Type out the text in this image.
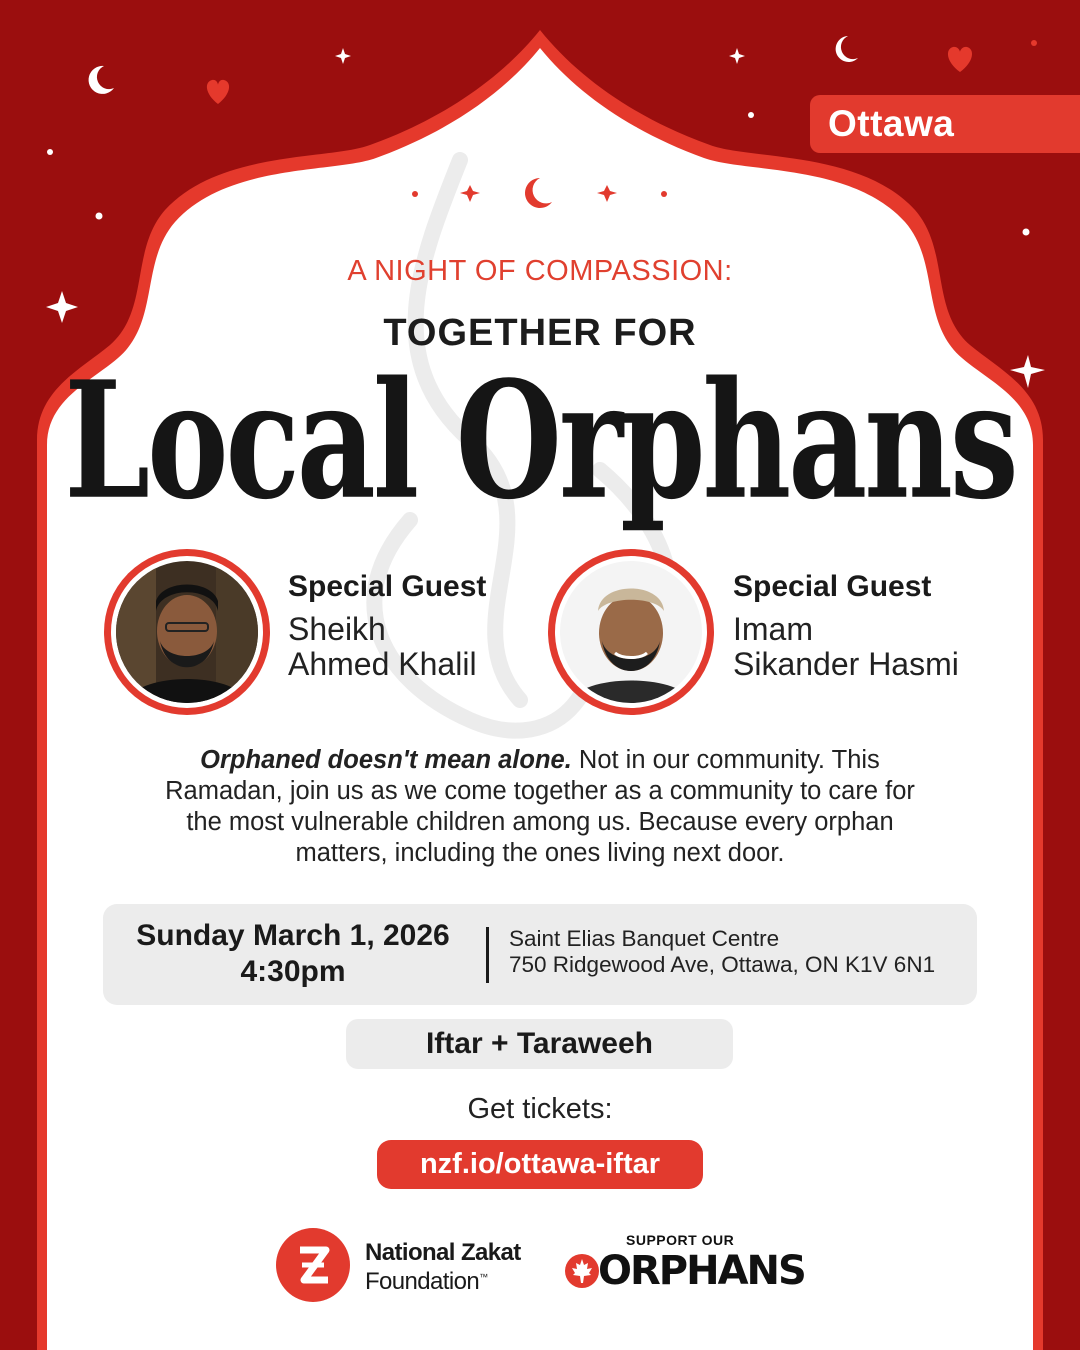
Ottawa
A NIGHT OF COMPASSION:
TOGETHER FOR
Local Orphans
Special Guest
Sheikh
Ahmed Khalil
Special Guest
Imam
Sikander Hasmi
Orphaned doesn't mean alone. Not in our community. This Ramadan, join us as we come together as a community to care for the most vulnerable children among us. Because every orphan matters, including the ones living next door.
Sunday March 1, 2026
4:30pm
Saint Elias Banquet Centre
750 Ridgewood Ave, Ottawa, ON K1V 6N1
Iftar + Taraweeh
Get tickets:
nzf.io/ottawa-iftar
National Zakat
Foundation™
SUPPORT OUR
ORPHANS
